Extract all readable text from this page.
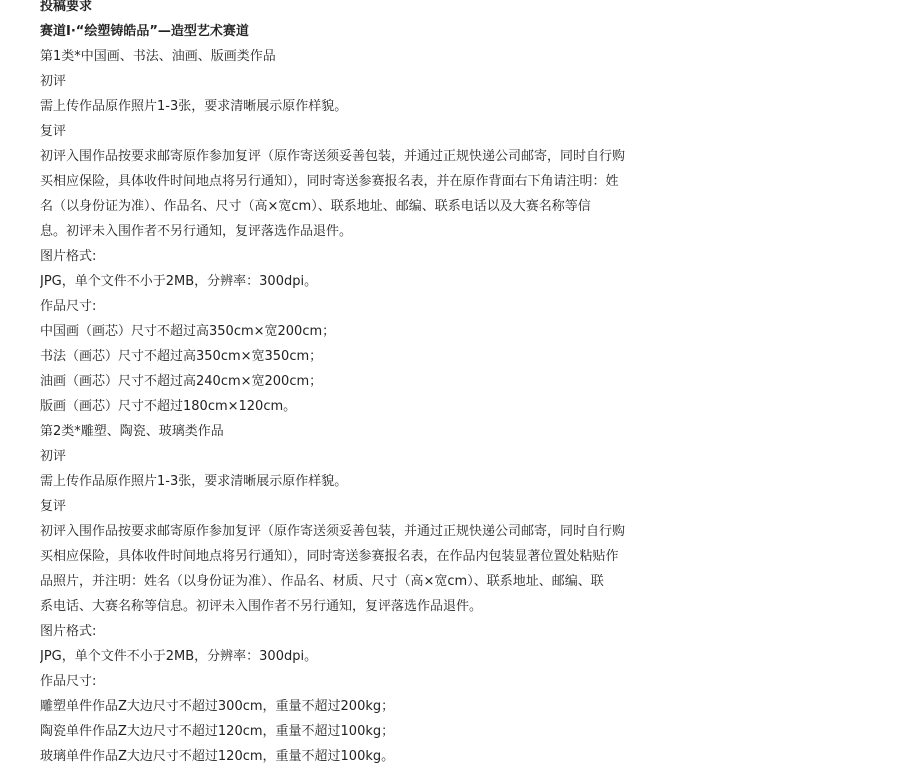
投稿要求
赛道I·“绘塑铸皓品”—造型艺术赛道
第1类*中国画、书法、油画、版画类作品
初评
需上传作品原作照片1-3张，要求清晰展示原作样貌。
复评
初评入围作品按要求邮寄原作参加复评（原作寄送须妥善包装，并通过正规快递公司邮寄，同时自行购
买相应保险，具体收件时间地点将另行通知），同时寄送参赛报名表，并在原作背面右下角请注明：姓
名（以身份证为准）、作品名、尺寸（高×宽cm）、联系地址、邮编、联系电话以及大赛名称等信
息。初评未入围作者不另行通知，复评落选作品退件。
图片格式:
JPG，单个文件不小于2MB，分辨率：300dpi。
作品尺寸:
中国画（画芯）尺寸不超过高350cm×宽200cm；
书法（画芯）尺寸不超过高350cm×宽350cm；
油画（画芯）尺寸不超过高240cm×宽200cm；
版画（画芯）尺寸不超过180cm×120cm。
第2类*雕塑、陶瓷、玻璃类作品
初评
需上传作品原作照片1-3张，要求清晰展示原作样貌。
复评
初评入围作品按要求邮寄原作参加复评（原作寄送须妥善包装，并通过正规快递公司邮寄，同时自行购
买相应保险，具体收件时间地点将另行通知），同时寄送参赛报名表，在作品内包装显著位置处粘贴作
品照片，并注明：姓名（以身份证为准）、作品名、材质、尺寸（高×宽cm）、联系地址、邮编、联
系电话、大赛名称等信息。初评未入围作者不另行通知，复评落选作品退件。
图片格式:
JPG，单个文件不小于2MB，分辨率：300dpi。
作品尺寸:
雕塑单件作品Z大边尺寸不超过300cm，重量不超过200kg；
陶瓷单件作品Z大边尺寸不超过120cm，重量不超过100kg；
玻璃单件作品Z大边尺寸不超过120cm，重量不超过100kg。
